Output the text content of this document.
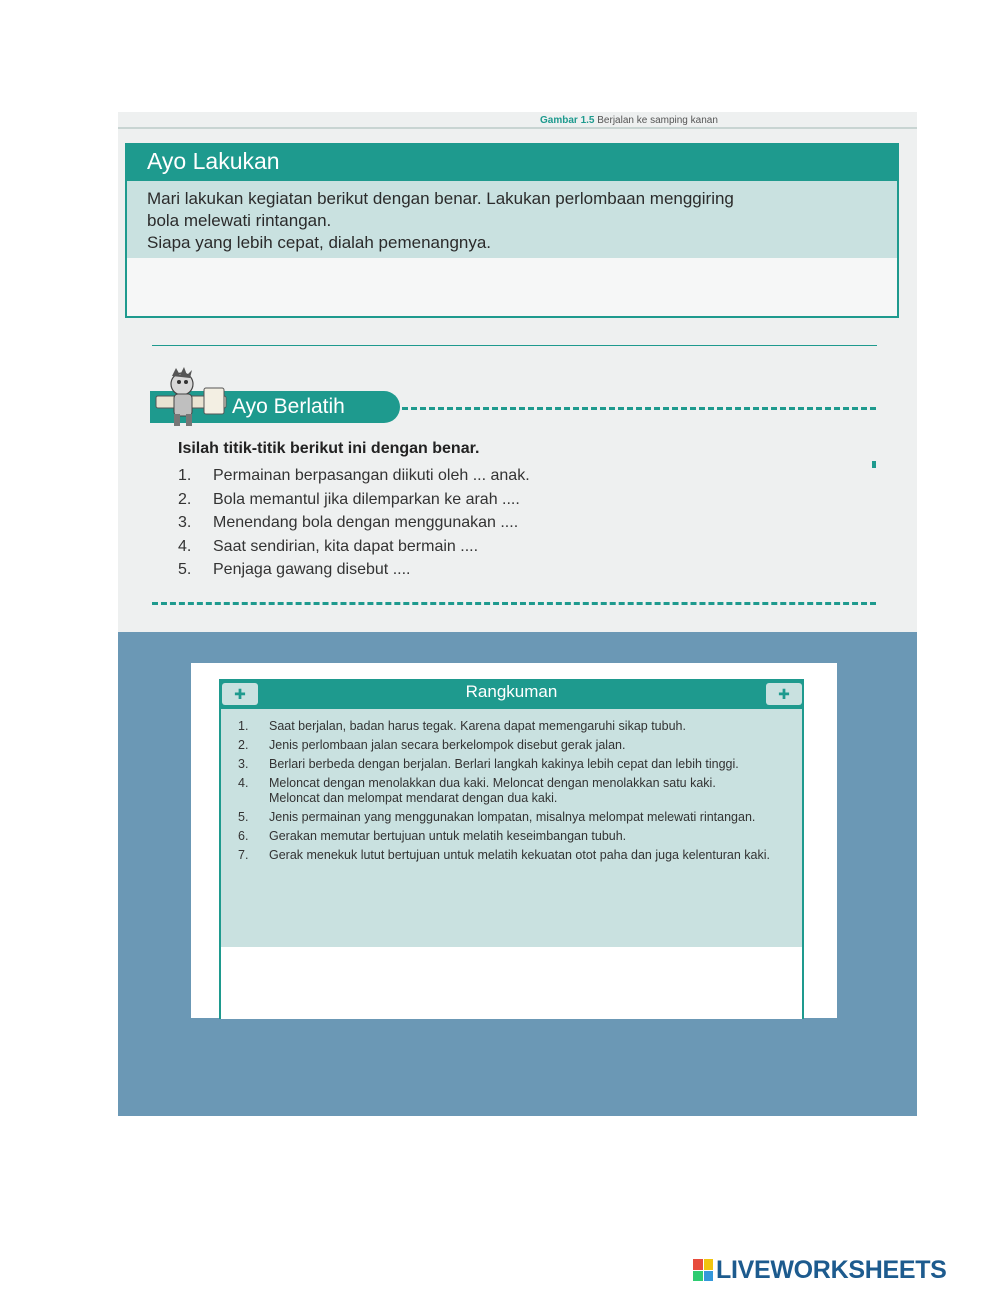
Gambar 1.5 Berjalan ke samping kanan
Ayo Lakukan
Mari lakukan kegiatan berikut dengan benar. Lakukan perlombaan menggiring
bola melewati rintangan.
Siapa yang lebih cepat, dialah pemenangnya.
Ayo Berlatih
Isilah titik-titik berikut ini dengan benar.
1. Permainan berpasangan diikuti oleh ... anak.
2. Bola memantul jika dilemparkan ke arah ....
3. Menendang bola dengan menggunakan ....
4. Saat sendirian, kita dapat bermain ....
5. Penjaga gawang disebut ....
Rangkuman
✚	✚
1.	Saat berjalan, badan harus tegak. Karena dapat memengaruhi sikap tubuh.
2.	Jenis perlombaan jalan secara berkelompok disebut gerak jalan.
3.	Berlari berbeda dengan berjalan. Berlari langkah kakinya lebih cepat dan lebih tinggi.
4.	Meloncat dengan menolakkan dua kaki. Meloncat dengan menolakkan satu kaki.
Meloncat dan melompat mendarat dengan dua kaki.
5.	Jenis permainan yang menggunakan lompatan, misalnya melompat melewati rintangan.
6.	Gerakan memutar bertujuan untuk melatih keseimbangan tubuh.
7.	Gerak menekuk lutut bertujuan untuk melatih kekuatan otot paha dan juga kelenturan kaki.
LIVEWORKSHEETS
